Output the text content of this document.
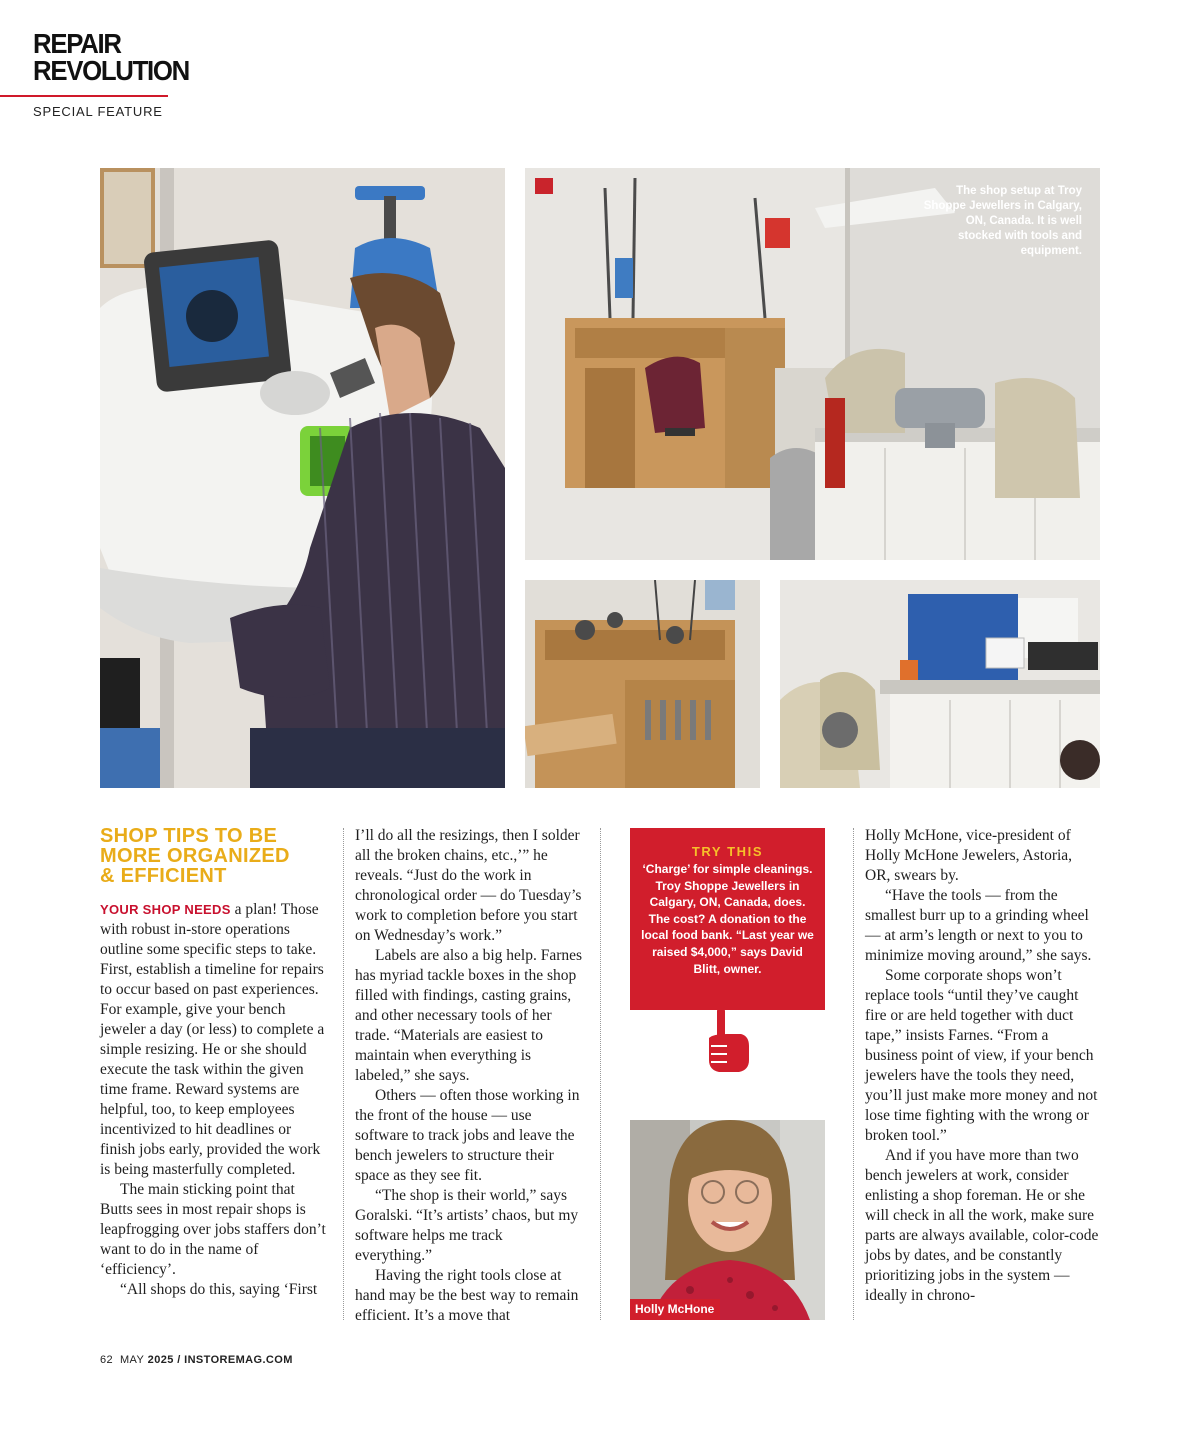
REPAIR
REVOLUTION
SPECIAL FEATURE
The shop setup at Troy Shoppe Jewellers in Calgary, ON, Canada. It is well stocked with tools and equipment.
SHOP TIPS TO BE
MORE ORGANIZED
& EFFICIENT

YOUR SHOP NEEDS a plan! Those with robust in-store operations outline some specific steps to take. First, establish a timeline for repairs to occur based on past experiences. For example, give your bench jeweler a day (or less) to complete a simple resizing. He or she should execute the task within the given time frame. Reward systems are helpful, too, to keep employees incentivized to hit deadlines or finish jobs early, provided the work is being masterfully completed.

The main sticking point that Butts sees in most repair shops is leapfrogging over jobs staffers don’t want to do in the name of ‘efficiency’.

“All shops do this, saying ‘First

I’ll do all the resizings, then I solder all the broken chains, etc.,’” he reveals. “Just do the work in chronological order — do Tuesday’s work to completion before you start on Wednesday’s work.”

Labels are also a big help. Farnes has myriad tackle boxes in the shop filled with findings, casting grains, and other necessary tools of her trade. “Materials are easiest to maintain when everything is labeled,” she says.

Others — often those working in the front of the house — use software to track jobs and leave the bench jewelers to structure their space as they see fit.

“The shop is their world,” says Goralski. “It’s artists’ chaos, but my software helps me track everything.”

Having the right tools close at hand may be the best way to remain efficient. It’s a move that

TRY THIS
‘Charge’ for simple cleanings. Troy Shoppe Jewellers in Calgary, ON, Canada, does. The cost? A donation to the local food bank. “Last year we raised $4,000,” says David Blitt, owner.
Holly McHone

Holly McHone, vice-president of Holly McHone Jewelers, Astoria, OR, swears by.

“Have the tools — from the smallest burr up to a grinding wheel — at arm’s length or next to you to minimize moving around,” she says.

Some corporate shops won’t replace tools “until they’ve caught fire or are held together with duct tape,” insists Farnes. “From a business point of view, if your bench jewelers have the tools they need, you’ll just make more money and not lose time fighting with the wrong or broken tool.”

And if you have more than two bench jewelers at work, consider enlisting a shop foreman. He or she will check in all the work, make sure parts are always available, color-code jobs by dates, and be constantly prioritizing jobs in the system — ideally in chrono-

62 MAY 2025 / INSTOREMAG.COM
